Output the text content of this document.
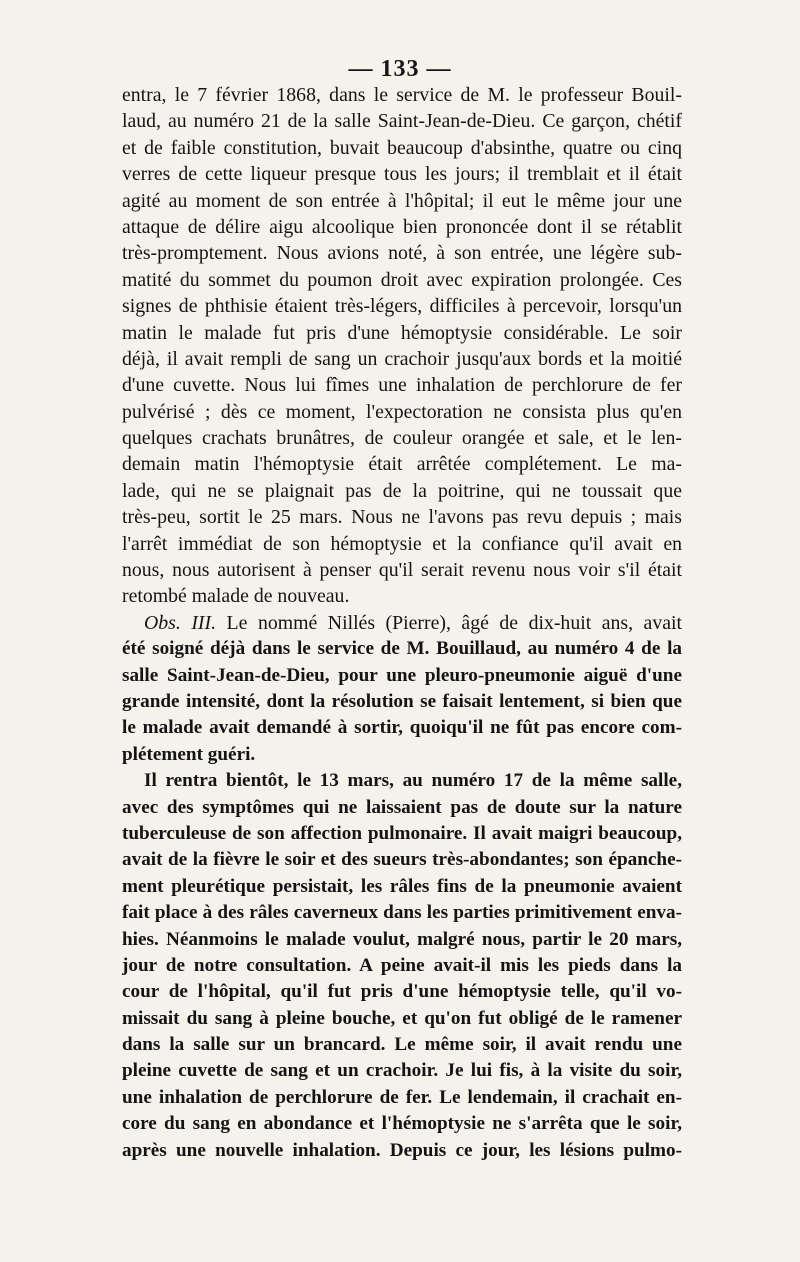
— 133 —
entra, le 7 février 1868, dans le service de M. le professeur Bouil-
laud, au numéro 21 de la salle Saint-Jean-de-Dieu. Ce garçon, chétif
et de faible constitution, buvait beaucoup d'absinthe, quatre ou cinq
verres de cette liqueur presque tous les jours; il tremblait et il était
agité au moment de son entrée à l'hôpital; il eut le même jour une
attaque de délire aigu alcoolique bien prononcée dont il se rétablit
très-promptement. Nous avions noté, à son entrée, une légère sub-
matité du sommet du poumon droit avec expiration prolongée. Ces
signes de phthisie étaient très-légers, difficiles à percevoir, lorsqu'un
matin le malade fut pris d'une hémoptysie considérable. Le soir
déjà, il avait rempli de sang un crachoir jusqu'aux bords et la moitié
d'une cuvette. Nous lui fîmes une inhalation de perchlorure de fer
pulvérisé ; dès ce moment, l'expectoration ne consista plus qu'en
quelques crachats brunâtres, de couleur orangée et sale, et le len-
demain matin l'hémoptysie était arrêtée complétement. Le ma-
lade, qui ne se plaignait pas de la poitrine, qui ne toussait que
très-peu, sortit le 25 mars. Nous ne l'avons pas revu depuis ; mais
l'arrêt immédiat de son hémoptysie et la confiance qu'il avait en
nous, nous autorisent à penser qu'il serait revenu nous voir s'il était
retombé malade de nouveau.
Obs. III. Le nommé Nillés (Pierre), âgé de dix-huit ans, avait
été soigné déjà dans le service de M. Bouillaud, au numéro 4 de la
salle Saint-Jean-de-Dieu, pour une pleuro-pneumonie aiguë d'une
grande intensité, dont la résolution se faisait lentement, si bien que
le malade avait demandé à sortir, quoiqu'il ne fût pas encore com-
plétement guéri.
Il rentra bientôt, le 13 mars, au numéro 17 de la même salle,
avec des symptômes qui ne laissaient pas de doute sur la nature
tuberculeuse de son affection pulmonaire. Il avait maigri beaucoup,
avait de la fièvre le soir et des sueurs très-abondantes; son épanche-
ment pleurétique persistait, les râles fins de la pneumonie avaient
fait place à des râles caverneux dans les parties primitivement enva-
hies. Néanmoins le malade voulut, malgré nous, partir le 20 mars,
jour de notre consultation. A peine avait-il mis les pieds dans la
cour de l'hôpital, qu'il fut pris d'une hémoptysie telle, qu'il vo-
missait du sang à pleine bouche, et qu'on fut obligé de le ramener
dans la salle sur un brancard. Le même soir, il avait rendu une
pleine cuvette de sang et un crachoir. Je lui fis, à la visite du soir,
une inhalation de perchlorure de fer. Le lendemain, il crachait en-
core du sang en abondance et l'hémoptysie ne s'arrêta que le soir,
après une nouvelle inhalation. Depuis ce jour, les lésions pulmo-
